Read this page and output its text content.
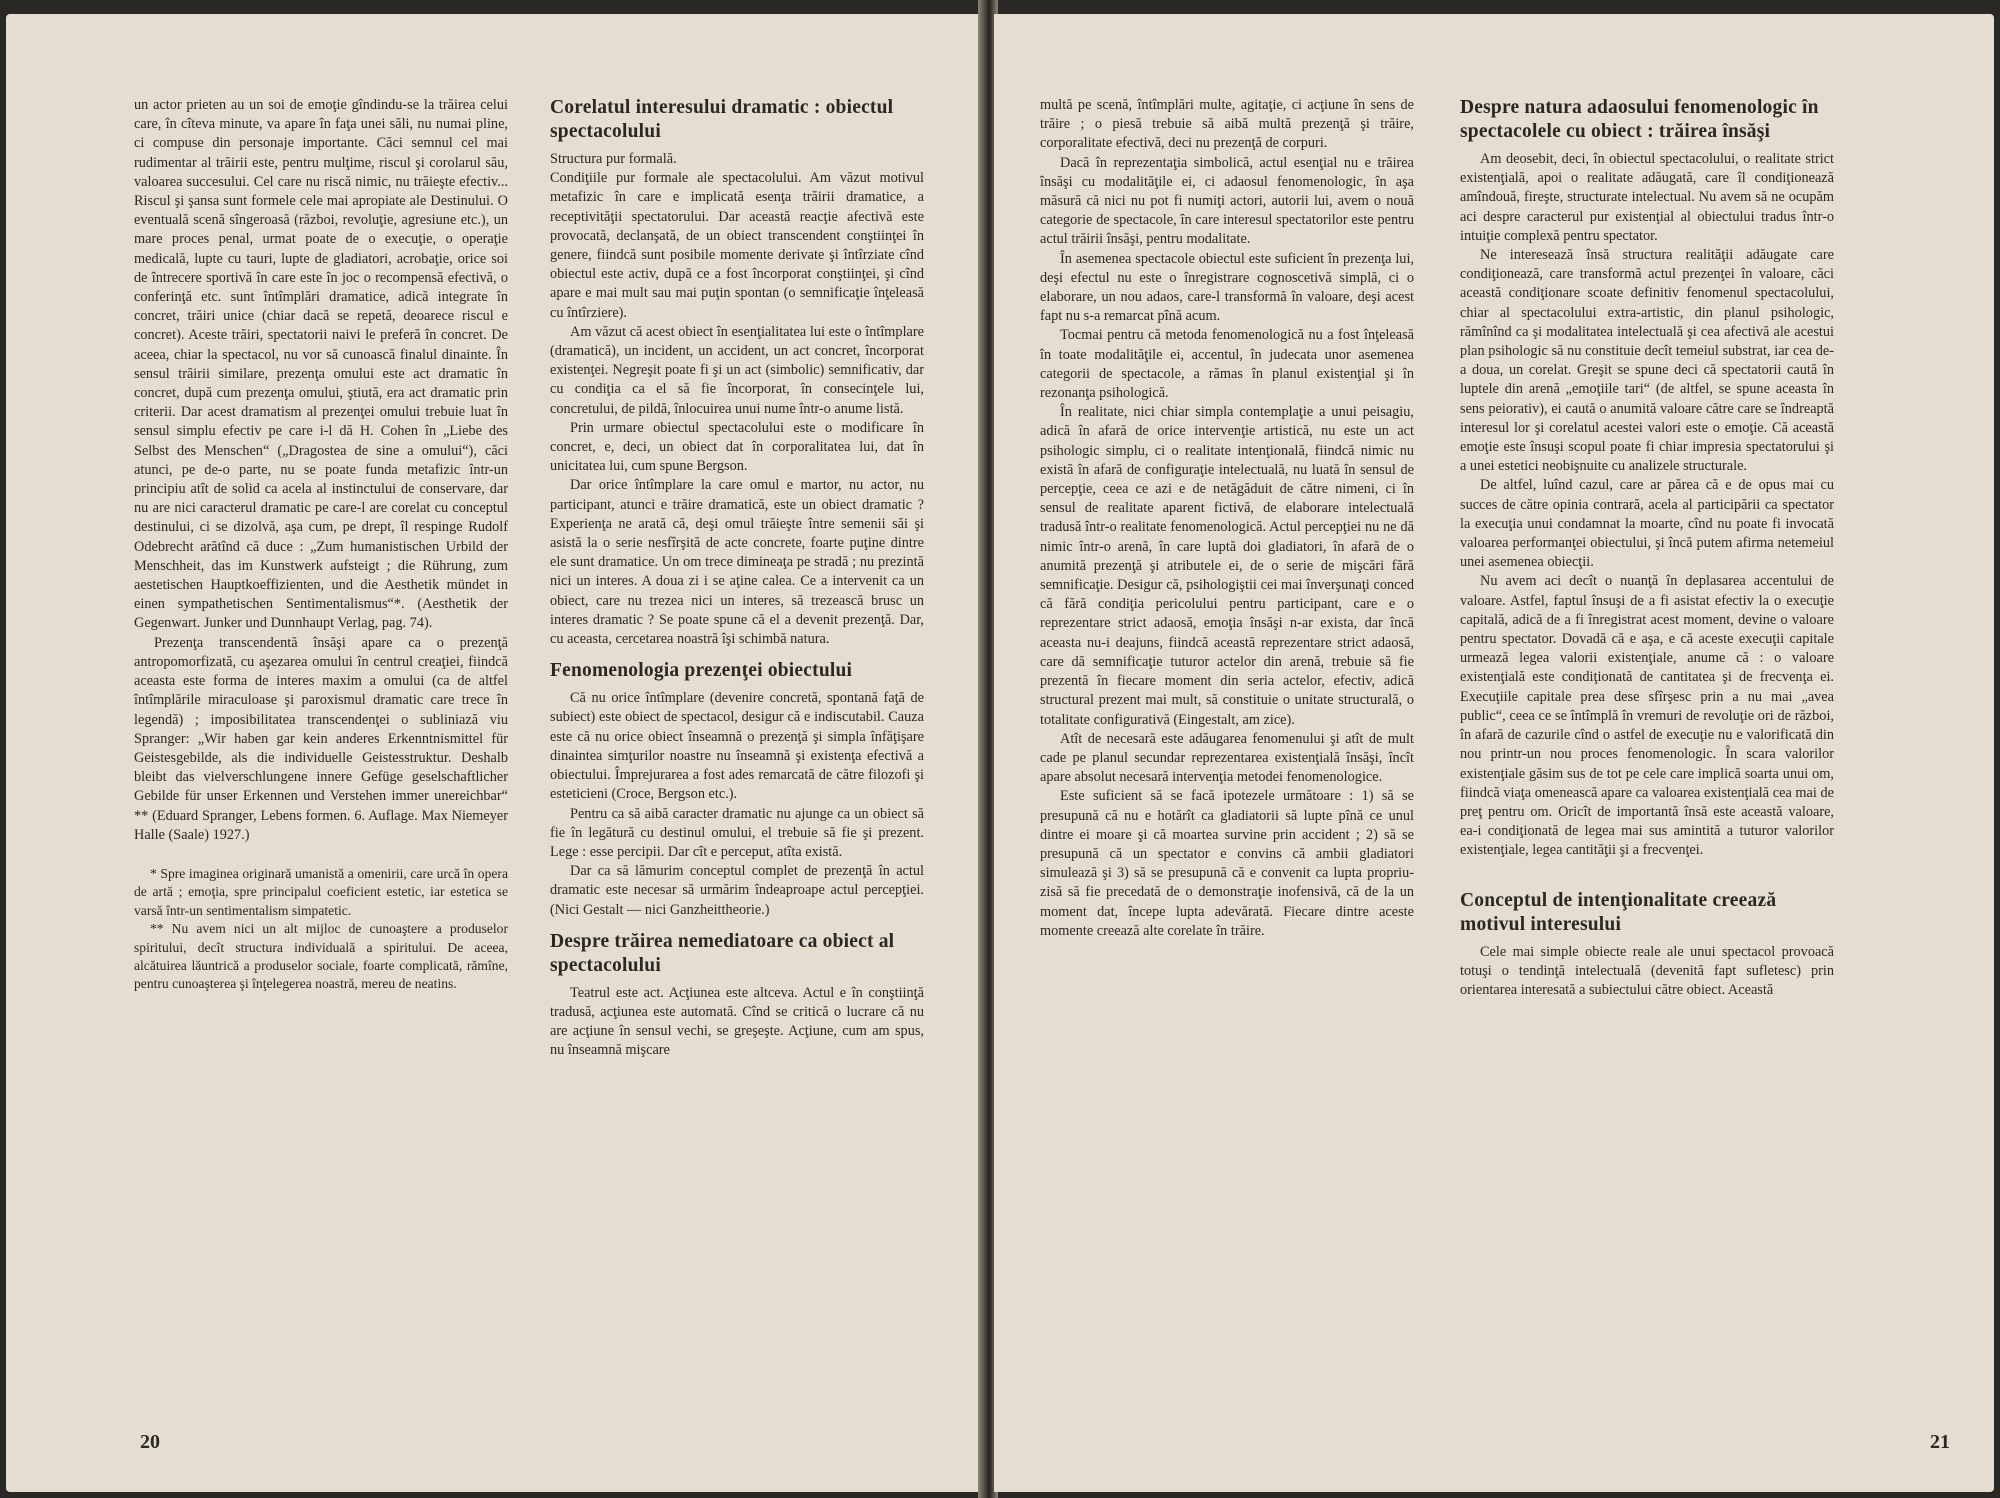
un actor prieten au un soi de emoţie gîndindu-se la trăirea celui care, în cîteva minute, va apare în faţa unei săli, nu numai pline, ci compuse din personaje importante. Căci semnul cel mai rudimentar al trăirii este, pentru mulţime, riscul şi corolarul său, valoarea succesului. Cel care nu riscă nimic, nu trăieşte efectiv... Riscul şi şansa sunt formele cele mai apropiate ale Destinului. O eventuală scenă sîngeroasă (război, revoluţie, agresiune etc.), un mare proces penal, urmat poate de o execuţie, o operaţie medicală, lupte cu tauri, lupte de gladiatori, acrobaţie, orice soi de întrecere sportivă în care este în joc o recompensă efectivă, o conferinţă etc. sunt întîmplări dramatice, adică integrate în concret, trăiri unice (chiar dacă se repetă, deoarece riscul e concret). Aceste trăiri, spectatorii naivi le preferă în concret. De aceea, chiar la spectacol, nu vor să cunoască finalul dinainte. În sensul trăirii similare, prezenţa omului este act dramatic în concret, după cum prezenţa omului, ştiută, era act dramatic prin criterii. Dar acest dramatism al prezenţei omului trebuie luat în sensul simplu efectiv pe care i-l dă H. Cohen în „Liebe des Selbst des Menschen“ („Dragostea de sine a omului“), căci atunci, pe de-o parte, nu se poate funda metafizic într-un principiu atît de solid ca acela al instinctului de conservare, dar nu are nici caracterul dramatic pe care-l are corelat cu conceptul destinului, ci se dizolvă, aşa cum, pe drept, îl respinge Rudolf Odebrecht arătînd că duce : „Zum humanistischen Urbild der Menschheit, das im Kunstwerk aufsteigt ; die Rührung, zum aestetischen Hauptkoeffizienten, und die Aesthetik mündet in einen sympathetischen Sentimentalismus“*. (Aesthetik der Gegenwart. Junker und Dunnhaupt Verlag, pag. 74).

Prezenţa transcendentă însăşi apare ca o prezenţă antropomorfizată, cu aşezarea omului în centrul creaţiei, fiindcă aceasta este forma de interes maxim a omului (ca de altfel întîmplările miraculoase şi paroxismul dramatic care trece în legendă) ; imposibilitatea transcendenţei o subliniază viu Spranger: „Wir haben gar kein anderes Erkenntnismittel für Geistesgebilde, als die individuelle Geistesstruktur. Deshalb bleibt das vielverschlungene innere Gefüge geselschaftlicher Gebilde für unser Erkennen und Verstehen immer unereichbar“ ** (Eduard Spranger, Lebens formen. 6. Auflage. Max Niemeyer Halle (Saale) 1927.)

* Spre imaginea originară umanistă a omenirii, care urcă în opera de artă ; emoţia, spre principalul coeficient estetic, iar estetica se varsă într-un sentimentalism simpatetic.

** Nu avem nici un alt mijloc de cunoaştere a produselor spiritului, decît structura individuală a spiritului. De aceea, alcătuirea lăuntrică a produselor sociale, foarte complicată, rămîne, pentru cunoaşterea şi înţelegerea noastră, mereu de neatins.

Corelatul interesului dramatic : obiectul spectacolului

Structura pur formală.

Condiţiile pur formale ale spectacolului. Am văzut motivul metafizic în care e implicată esenţa trăirii dramatice, a receptivităţii spectatorului. Dar această reacţie afectivă este provocată, declanşată, de un obiect transcendent conştiinţei în genere, fiindcă sunt posibile momente derivate şi întîrziate cînd obiectul este activ, după ce a fost încorporat conştiinţei, şi cînd apare e mai mult sau mai puţin spontan (o semnificaţie înţeleasă cu întîrziere).

Am văzut că acest obiect în esenţialitatea lui este o întîmplare (dramatică), un incident, un accident, un act concret, încorporat existenţei. Negreşit poate fi şi un act (simbolic) semnificativ, dar cu condiţia ca el să fie încorporat, în consecinţele lui, concretului, de pildă, înlocuirea unui nume într-o anume listă.

Prin urmare obiectul spectacolului este o modificare în concret, e, deci, un obiect dat în corporalitatea lui, dat în unicitatea lui, cum spune Bergson.

Dar orice întîmplare la care omul e martor, nu actor, nu participant, atunci e trăire dramatică, este un obiect dramatic ? Experienţa ne arată că, deşi omul trăieşte între semenii săi şi asistă la o serie nesfîrşită de acte concrete, foarte puţine dintre ele sunt dramatice. Un om trece dimineaţa pe stradă ; nu prezintă nici un interes. A doua zi i se aţine calea. Ce a intervenit ca un obiect, care nu trezea nici un interes, să trezească brusc un interes dramatic ? Se poate spune că el a devenit prezenţă. Dar, cu aceasta, cercetarea noastră îşi schimbă natura.

Fenomenologia prezenţei obiectului

Că nu orice întîmplare (devenire concretă, spontană faţă de subiect) este obiect de spectacol, desigur că e indiscutabil. Cauza este că nu orice obiect înseamnă o prezenţă şi simpla înfăţişare dinaintea simţurilor noastre nu înseamnă şi existenţa efectivă a obiectului. Împrejurarea a fost ades remarcată de către filozofi şi esteticieni (Croce, Bergson etc.).

Pentru ca să aibă caracter dramatic nu ajunge ca un obiect să fie în legătură cu destinul omului, el trebuie să fie şi prezent. Lege : esse percipii. Dar cît e perceput, atîta există.

Dar ca să lămurim conceptul complet de prezenţă în actul dramatic este necesar să urmărim îndeaproape actul percepţiei. (Nici Gestalt — nici Ganzheittheorie.)

Despre trăirea nemediatoare ca obiect al spectacolului

Teatrul este act. Acţiunea este altceva. Actul e în conştiinţă tradusă, acţiunea este automată. Cînd se critică o lucrare că nu are acţiune în sensul vechi, se greşeşte. Acţiune, cum am spus, nu înseamnă mişcare

20

multă pe scenă, întîmplări multe, agitaţie, ci acţiune în sens de trăire ; o piesă trebuie să aibă multă prezenţă şi trăire, corporalitate efectivă, deci nu prezenţă de corpuri.

Dacă în reprezentaţia simbolică, actul esenţial nu e trăirea însăşi cu modalităţile ei, ci adaosul fenomenologic, în aşa măsură că nici nu pot fi numiţi actori, autorii lui, avem o nouă categorie de spectacole, în care interesul spectatorilor este pentru actul trăirii însăşi, pentru modalitate.

În asemenea spectacole obiectul este suficient în prezenţa lui, deşi efectul nu este o înregistrare cognoscetivă simplă, ci o elaborare, un nou adaos, care-l transformă în valoare, deşi acest fapt nu s-a remarcat pînă acum.

Tocmai pentru că metoda fenomenologică nu a fost înţeleasă în toate modalităţile ei, accentul, în judecata unor asemenea categorii de spectacole, a rămas în planul existenţial şi în rezonanţa psihologică.

În realitate, nici chiar simpla contemplaţie a unui peisagiu, adică în afară de orice intervenţie artistică, nu este un act psihologic simplu, ci o realitate intenţională, fiindcă nimic nu există în afară de configuraţie intelectuală, nu luată în sensul de percepţie, ceea ce azi e de netăgăduit de către nimeni, ci în sensul de realitate aparent fictivă, de elaborare intelectuală tradusă într-o realitate fenomenologică. Actul percepţiei nu ne dă nimic într-o arenă, în care luptă doi gladiatori, în afară de o anumită prezenţă şi atributele ei, de o serie de mişcări fără semnificaţie. Desigur că, psihologiştii cei mai înverşunaţi conced că fără condiţia pericolului pentru participant, care e o reprezentare strict adaosă, emoţia însăşi n-ar exista, dar încă aceasta nu-i deajuns, fiindcă această reprezentare strict adaosă, care dă semnificaţie tuturor actelor din arenă, trebuie să fie prezentă în fiecare moment din seria actelor, efectiv, adică structural prezent mai mult, să constituie o unitate structurală, o totalitate configurativă (Eingestalt, am zice).

Atît de necesară este adăugarea fenomenului şi atît de mult cade pe planul secundar reprezentarea existenţială însăşi, încît apare absolut necesară intervenţia metodei fenomenologice.

Este suficient să se facă ipotezele următoare : 1) să se presupună că nu e hotărît ca gladiatorii să lupte pînă ce unul dintre ei moare şi că moartea survine prin accident ; 2) să se presupună că un spectator e convins că ambii gladiatori simulează şi 3) să se presupună că e convenit ca lupta propriu-zisă să fie precedată de o demonstraţie inofensivă, că de la un moment dat, începe lupta adevărată. Fiecare dintre aceste momente creează alte corelate în trăire.

Despre natura adaosului fenomenologic în spectacolele cu obiect : trăirea însăşi

Am deosebit, deci, în obiectul spectacolului, o realitate strict existenţială, apoi o realitate adăugată, care îl condiţionează amîndouă, fireşte, structurate intelectual. Nu avem să ne ocupăm aci despre caracterul pur existenţial al obiectului tradus într-o intuiţie complexă pentru spectator.

Ne interesează însă structura realităţii adăugate care condiţionează, care transformă actul prezenţei în valoare, căci această condiţionare scoate definitiv fenomenul spectacolului, chiar al spectacolului extra-artistic, din planul psihologic, rămînînd ca şi modalitatea intelectuală şi cea afectivă ale acestui plan psihologic să nu constituie decît temeiul substrat, iar cea de-a doua, un corelat. Greşit se spune deci că spectatorii caută în luptele din arenă „emoţiile tari“ (de altfel, se spune aceasta în sens peiorativ), ei caută o anumită valoare către care se îndreaptă interesul lor şi corelatul acestei valori este o emoţie. Că această emoţie este însuşi scopul poate fi chiar impresia spectatorului şi a unei estetici neobişnuite cu analizele structurale.

De altfel, luînd cazul, care ar părea că e de opus mai cu succes de către opinia contrară, acela al participării ca spectator la execuţia unui condamnat la moarte, cînd nu poate fi invocată valoarea performanţei obiectului, şi încă putem afirma netemeiul unei asemenea obiecţii.

Nu avem aci decît o nuanţă în deplasarea accentului de valoare. Astfel, faptul însuşi de a fi asistat efectiv la o execuţie capitală, adică de a fi înregistrat acest moment, devine o valoare pentru spectator. Dovadă că e aşa, e că aceste execuţii capitale urmează legea valorii existenţiale, anume că : o valoare existenţială este condiţionată de cantitatea şi de frecvenţa ei. Execuţiile capitale prea dese sfîrşesc prin a nu mai „avea public“, ceea ce se întîmplă în vremuri de revoluţie ori de război, în afară de cazurile cînd o astfel de execuţie nu e valorificată din nou printr-un nou proces fenomenologic. În scara valorilor existenţiale găsim sus de tot pe cele care implică soarta unui om, fiindcă viaţa omenească apare ca valoarea existenţială cea mai de preţ pentru om. Oricît de importantă însă este această valoare, ea-i condiţionată de legea mai sus amintită a tuturor valorilor existenţiale, legea cantităţii şi a frecvenţei.

Conceptul de intenţionalitate creează motivul interesului

Cele mai simple obiecte reale ale unui spectacol provoacă totuşi o tendinţă intelectuală (devenită fapt sufletesc) prin orientarea interesată a subiectului către obiect. Această

21
